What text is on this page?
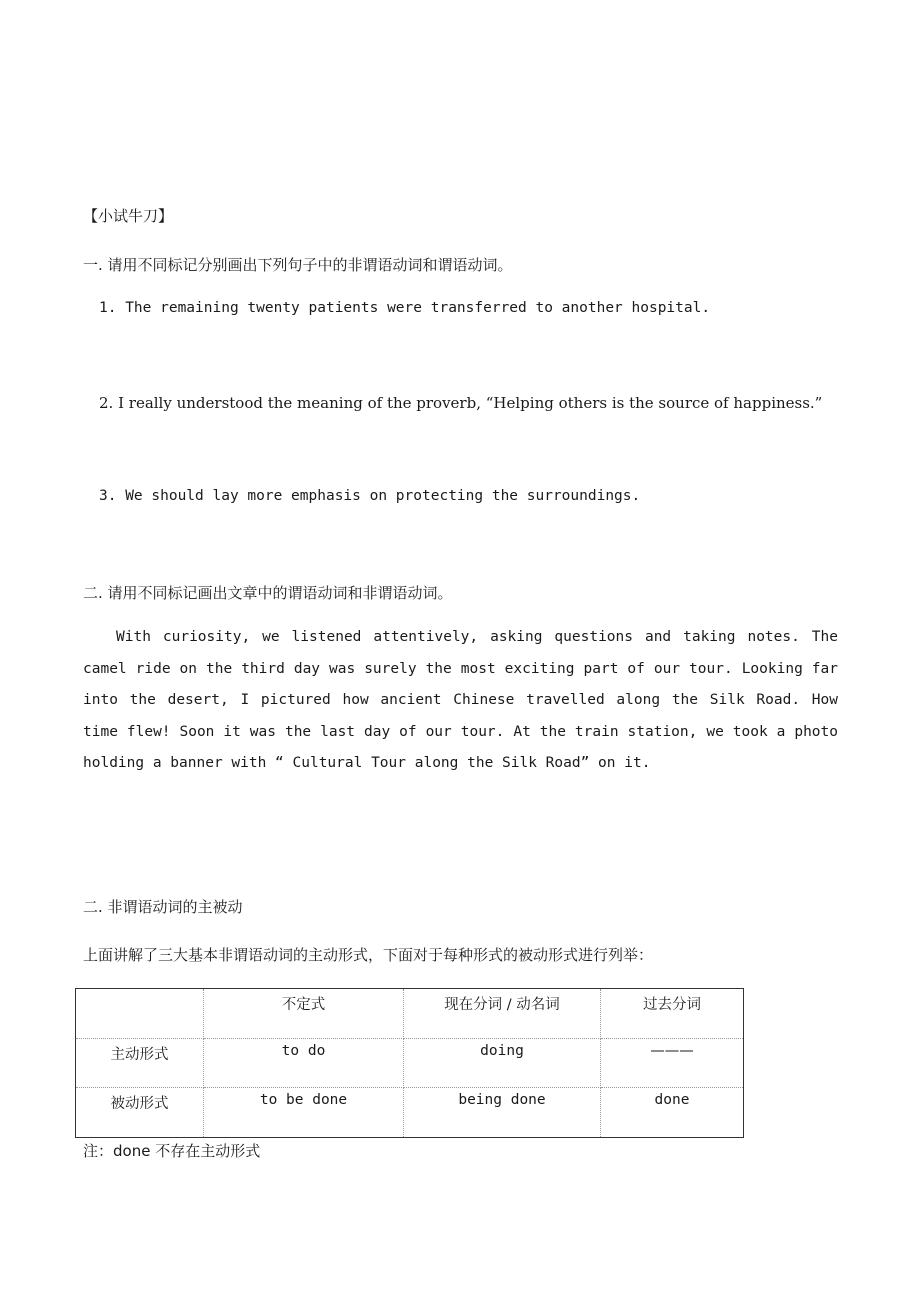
【小试牛刀】
一. 请用不同标记分别画出下列句子中的非谓语动词和谓语动词。
1. The remaining twenty patients were transferred to another hospital.
2. I really understood the meaning of the proverb, “Helping others is the source of happiness.”
3. We should lay more emphasis on protecting the surroundings.
二. 请用不同标记画出文章中的谓语动词和非谓语动词。
With curiosity, we listened attentively, asking questions and taking notes. The camel ride on the third day was surely the most exciting part of our tour. Looking far into the desert, I pictured how ancient Chinese travelled along the Silk Road. How time flew! Soon it was the last day of our tour. At the train station, we took a photo holding a banner with “ Cultural Tour along the Silk Road” on it.
二. 非谓语动词的主被动
上面讲解了三大基本非谓语动词的主动形式，下面对于每种形式的被动形式进行列举：
	不定式	现在分词 / 动名词	过去分词
主动形式	to do	doing	———
被动形式	to be done	being done	done
注：done 不存在主动形式
